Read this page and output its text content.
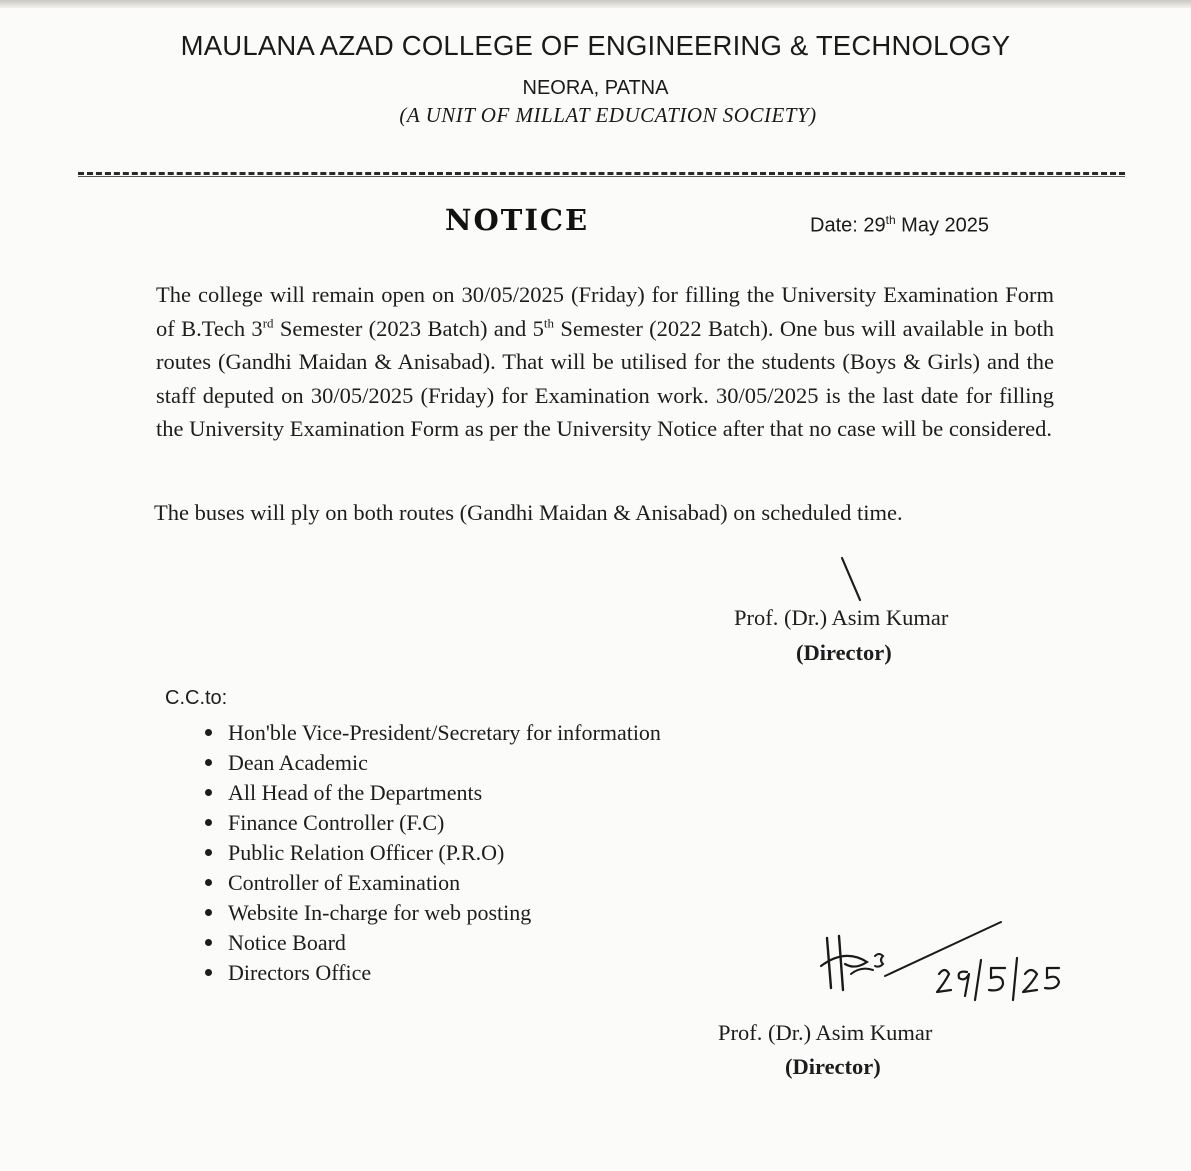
MAULANA AZAD COLLEGE OF ENGINEERING & TECHNOLOGY
NEORA, PATNA
(A UNIT OF MILLAT EDUCATION SOCIETY)
NOTICE	Date: 29th May 2025
The college will remain open on 30/05/2025 (Friday) for filling the University Examination Form of B.Tech 3rd Semester (2023 Batch) and 5th Semester (2022 Batch). One bus will available in both routes (Gandhi Maidan & Anisabad). That will be utilised for the students (Boys & Girls) and the staff deputed on 30/05/2025 (Friday) for Examination work. 30/05/2025 is the last date for filling the University Examination Form as per the University Notice after that no case will be considered.
The buses will ply on both routes (Gandhi Maidan & Anisabad) on scheduled time.
Prof. (Dr.) Asim Kumar
(Director)
C.C.to:
Hon'ble Vice-President/Secretary for information
Dean Academic
All Head of the Departments
Finance Controller (F.C)
Public Relation Officer (P.R.O)
Controller of Examination
Website In-charge for web posting
Notice Board
Directors Office
Prof. (Dr.) Asim Kumar
(Director)
